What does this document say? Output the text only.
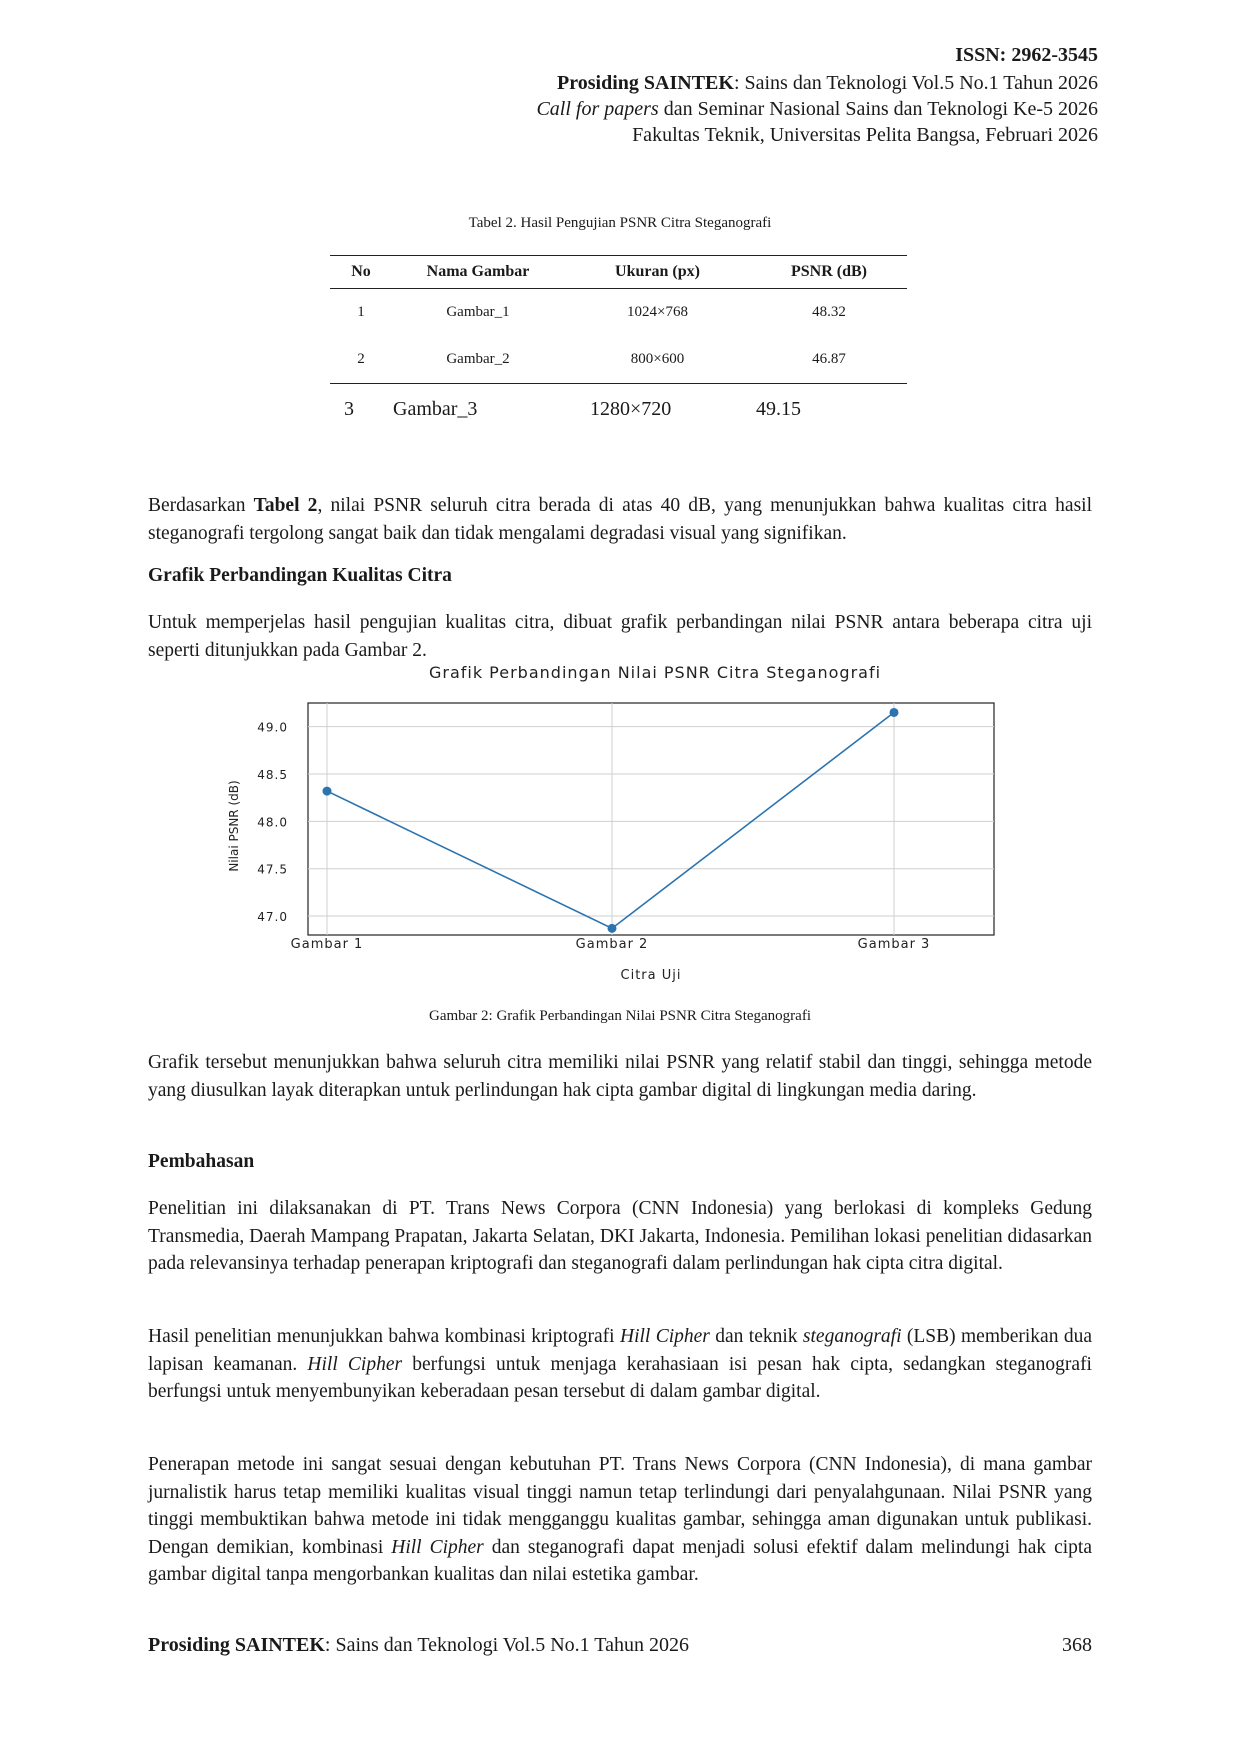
ISSN: 2962-3545
Prosiding SAINTEK: Sains dan Teknologi Vol.5 No.1 Tahun 2026
Call for papers dan Seminar Nasional Sains dan Teknologi Ke-5 2026
Fakultas Teknik, Universitas Pelita Bangsa, Februari 2026
Tabel 2. Hasil Pengujian PSNR Citra Steganografi
No	Nama Gambar	Ukuran (px)	PSNR (dB)
1	Gambar_1	1024×768	48.32
2	Gambar_2	800×600	46.87
3 Gambar_3	1280×720	49.15
Berdasarkan Tabel 2, nilai PSNR seluruh citra berada di atas 40 dB, yang menunjukkan bahwa kualitas citra hasil steganografi tergolong sangat baik dan tidak mengalami degradasi visual yang signifikan.
Grafik Perbandingan Kualitas Citra
Untuk memperjelas hasil pengujian kualitas citra, dibuat grafik perbandingan nilai PSNR antara beberapa citra uji seperti ditunjukkan pada Gambar 2.
Grafik Perbandingan Nilai PSNR Citra Steganografi
47.0
47.5
48.0
48.5
49.0
Gambar 1	Gambar 2	Gambar 3
Citra Uji
Nilai PSNR (dB)
Gambar 2: Grafik Perbandingan Nilai PSNR Citra Steganografi
Grafik tersebut menunjukkan bahwa seluruh citra memiliki nilai PSNR yang relatif stabil dan tinggi, sehingga metode yang diusulkan layak diterapkan untuk perlindungan hak cipta gambar digital di lingkungan media daring.
Pembahasan
Penelitian ini dilaksanakan di PT. Trans News Corpora (CNN Indonesia) yang berlokasi di kompleks Gedung Transmedia, Daerah Mampang Prapatan, Jakarta Selatan, DKI Jakarta, Indonesia. Pemilihan lokasi penelitian didasarkan pada relevansinya terhadap penerapan kriptografi dan steganografi dalam perlindungan hak cipta citra digital.
Hasil penelitian menunjukkan bahwa kombinasi kriptografi Hill Cipher dan teknik steganografi (LSB) memberikan dua lapisan keamanan. Hill Cipher berfungsi untuk menjaga kerahasiaan isi pesan hak cipta, sedangkan steganografi berfungsi untuk menyembunyikan keberadaan pesan tersebut di dalam gambar digital.
Penerapan metode ini sangat sesuai dengan kebutuhan PT. Trans News Corpora (CNN Indonesia), di mana gambar jurnalistik harus tetap memiliki kualitas visual tinggi namun tetap terlindungi dari penyalahgunaan. Nilai PSNR yang tinggi membuktikan bahwa metode ini tidak mengganggu kualitas gambar, sehingga aman digunakan untuk publikasi. Dengan demikian, kombinasi Hill Cipher dan steganografi dapat menjadi solusi efektif dalam melindungi hak cipta gambar digital tanpa mengorbankan kualitas dan nilai estetika gambar.
Prosiding SAINTEK: Sains dan Teknologi Vol.5 No.1 Tahun 2026	368
